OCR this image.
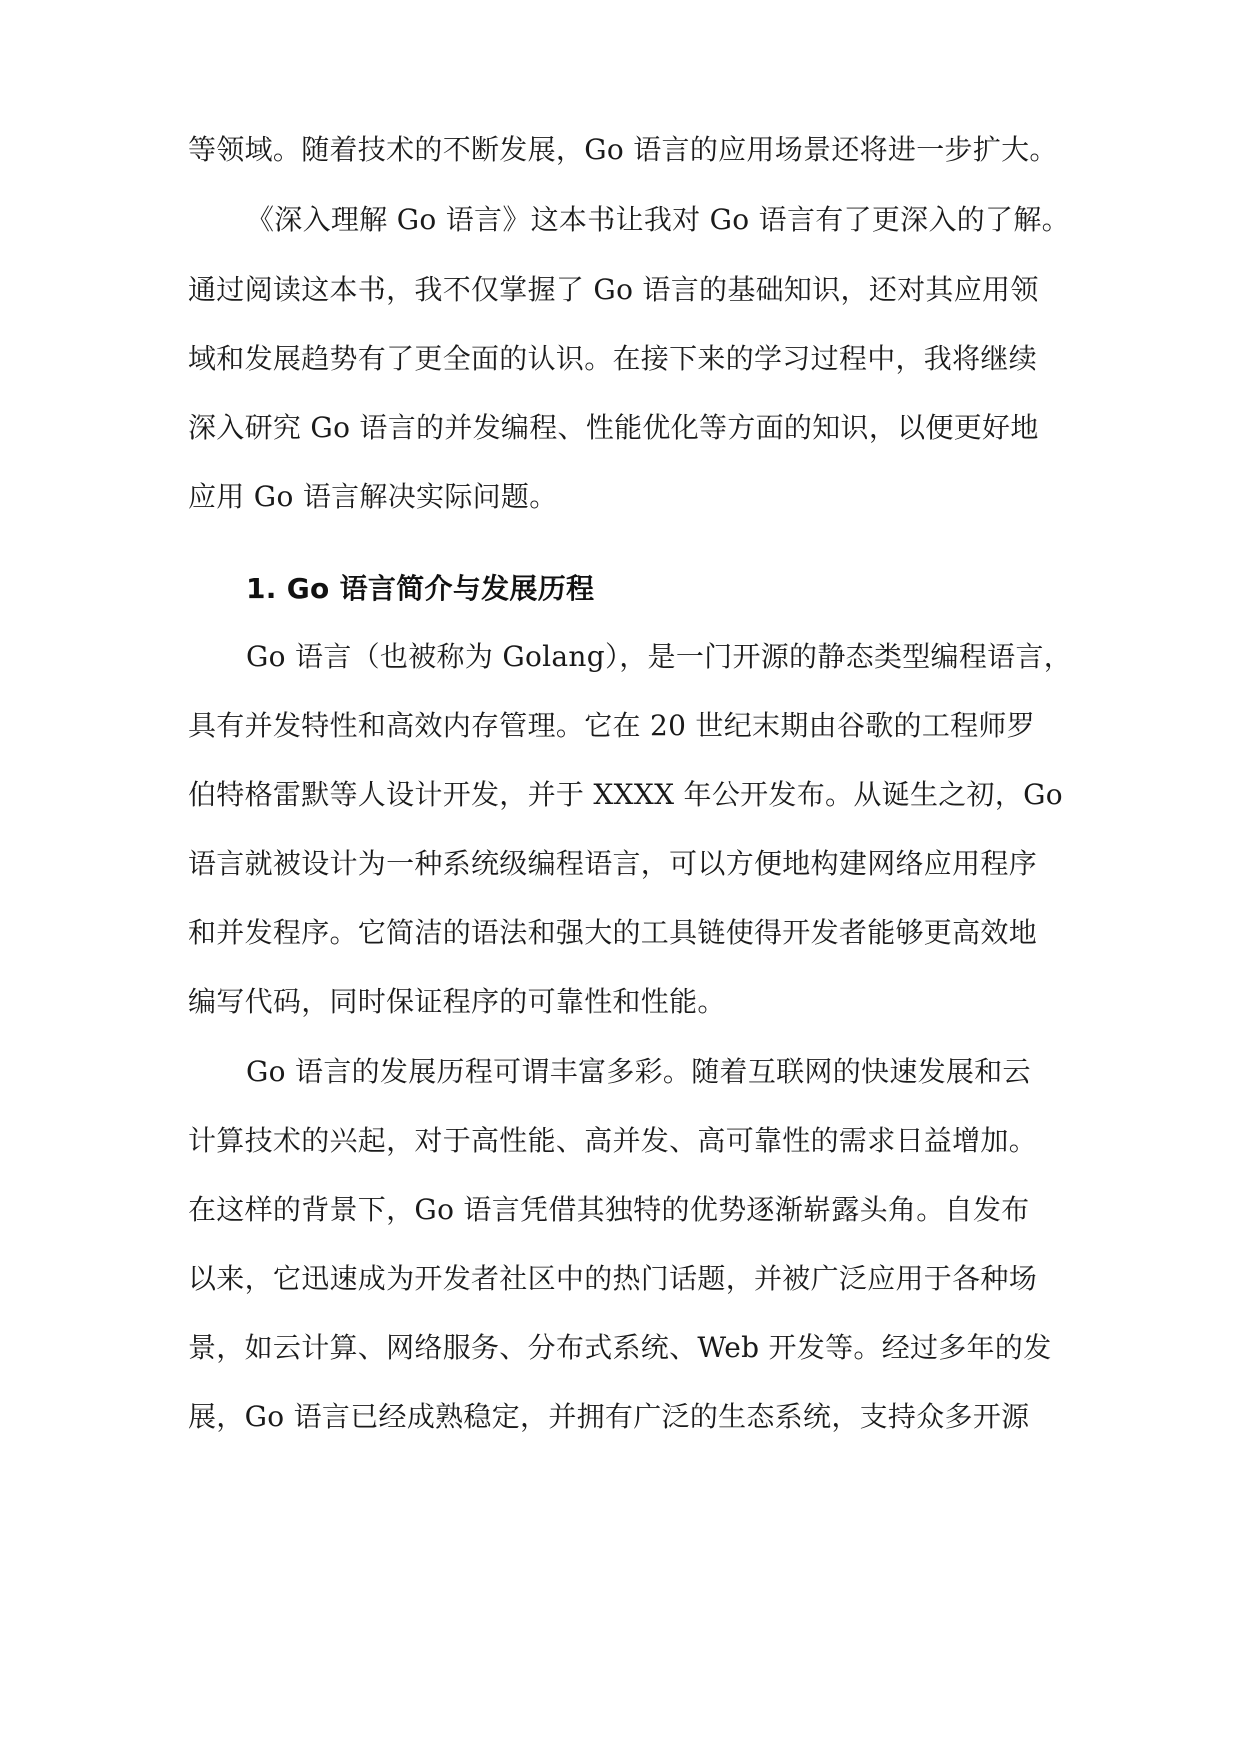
等领域。随着技术的不断发展，Go 语言的应用场景还将进一步扩大。

《深入理解 Go 语言》这本书让我对 Go 语言有了更深入的了解。

通过阅读这本书，我不仅掌握了 Go 语言的基础知识，还对其应用领

域和发展趋势有了更全面的认识。在接下来的学习过程中，我将继续

深入研究 Go 语言的并发编程、性能优化等方面的知识，以便更好地

应用 Go 语言解决实际问题。

1. Go 语言简介与发展历程

Go 语言（也被称为 Golang），是一门开源的静态类型编程语言，

具有并发特性和高效内存管理。它在 20 世纪末期由谷歌的工程师罗

伯特格雷默等人设计开发，并于 XXXX 年公开发布。从诞生之初，Go

语言就被设计为一种系统级编程语言，可以方便地构建网络应用程序

和并发程序。它简洁的语法和强大的工具链使得开发者能够更高效地

编写代码，同时保证程序的可靠性和性能。

Go 语言的发展历程可谓丰富多彩。随着互联网的快速发展和云

计算技术的兴起，对于高性能、高并发、高可靠性的需求日益增加。

在这样的背景下，Go 语言凭借其独特的优势逐渐崭露头角。自发布

以来，它迅速成为开发者社区中的热门话题，并被广泛应用于各种场

景，如云计算、网络服务、分布式系统、Web 开发等。经过多年的发

展，Go 语言已经成熟稳定，并拥有广泛的生态系统，支持众多开源
